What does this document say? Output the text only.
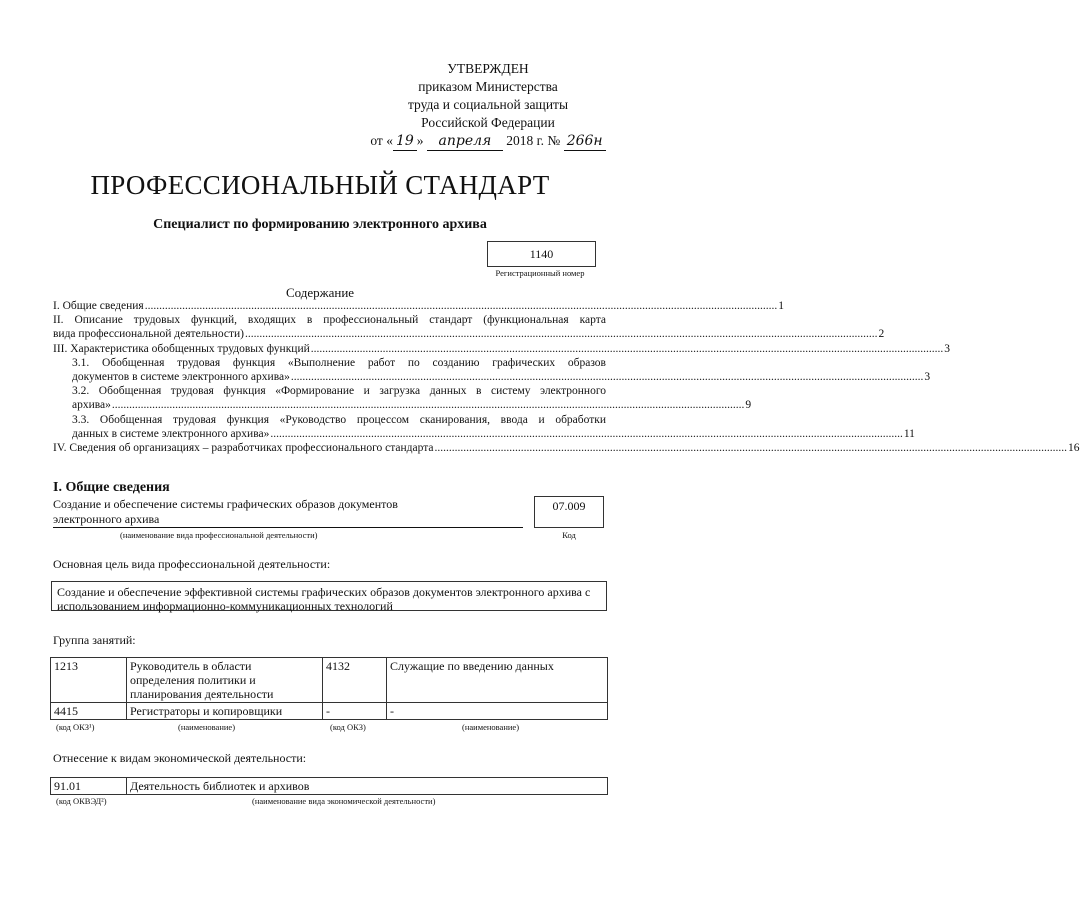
УТВЕРЖДЕН
приказом Министерства
труда и социальной защиты
Российской Федерации
от « 19 » апреля 2018 г. № 266н
ПРОФЕССИОНАЛЬНЫЙ СТАНДАРТ
Специалист по формированию электронного архива
1140
Регистрационный номер
Содержание
I. Общие сведения ............................................................................................................................................................................................................................ 1
II. Описание трудовых функций, входящих в профессиональный стандарт (функциональная карта
вида профессиональной деятельности) ............................................................................................................................................................................................................................ 2
III. Характеристика обобщенных трудовых функций ............................................................................................................................................................................................................................ 3
3.1. Обобщенная трудовая функция «Выполнение работ по созданию графических образов
документов в системе электронного архива» ............................................................................................................................................................................................................................ 3
3.2. Обобщенная трудовая функция «Формирование и загрузка данных в систему электронного
архива» ............................................................................................................................................................................................................................ 9
3.3. Обобщенная трудовая функция «Руководство процессом сканирования, ввода и обработки
данных в системе электронного архива» ............................................................................................................................................................................................................................ 11
IV. Сведения об организациях – разработчиках профессионального стандарта ............................................................................................................................................................................................................................ 16
I. Общие сведения
Создание и обеспечение системы графических образов документов
электронного архива
(наименование вида профессиональной деятельности)
07.009
Код
Основная цель вида профессиональной деятельности:
Создание и обеспечение эффективной системы графических образов документов электронного архива с использованием информационно-коммуникационных технологий
Группа занятий:
1213	Руководитель в области определения политики и планирования деятельности	4132	Служащие по введению данных
4415	Регистраторы и копировщики	-	-
(код ОКЗ¹)	(наименование)	(код ОКЗ)	(наименование)
Отнесение к видам экономической деятельности:
91.01	Деятельность библиотек и архивов
(код ОКВЭД²)	(наименование вида экономической деятельности)
